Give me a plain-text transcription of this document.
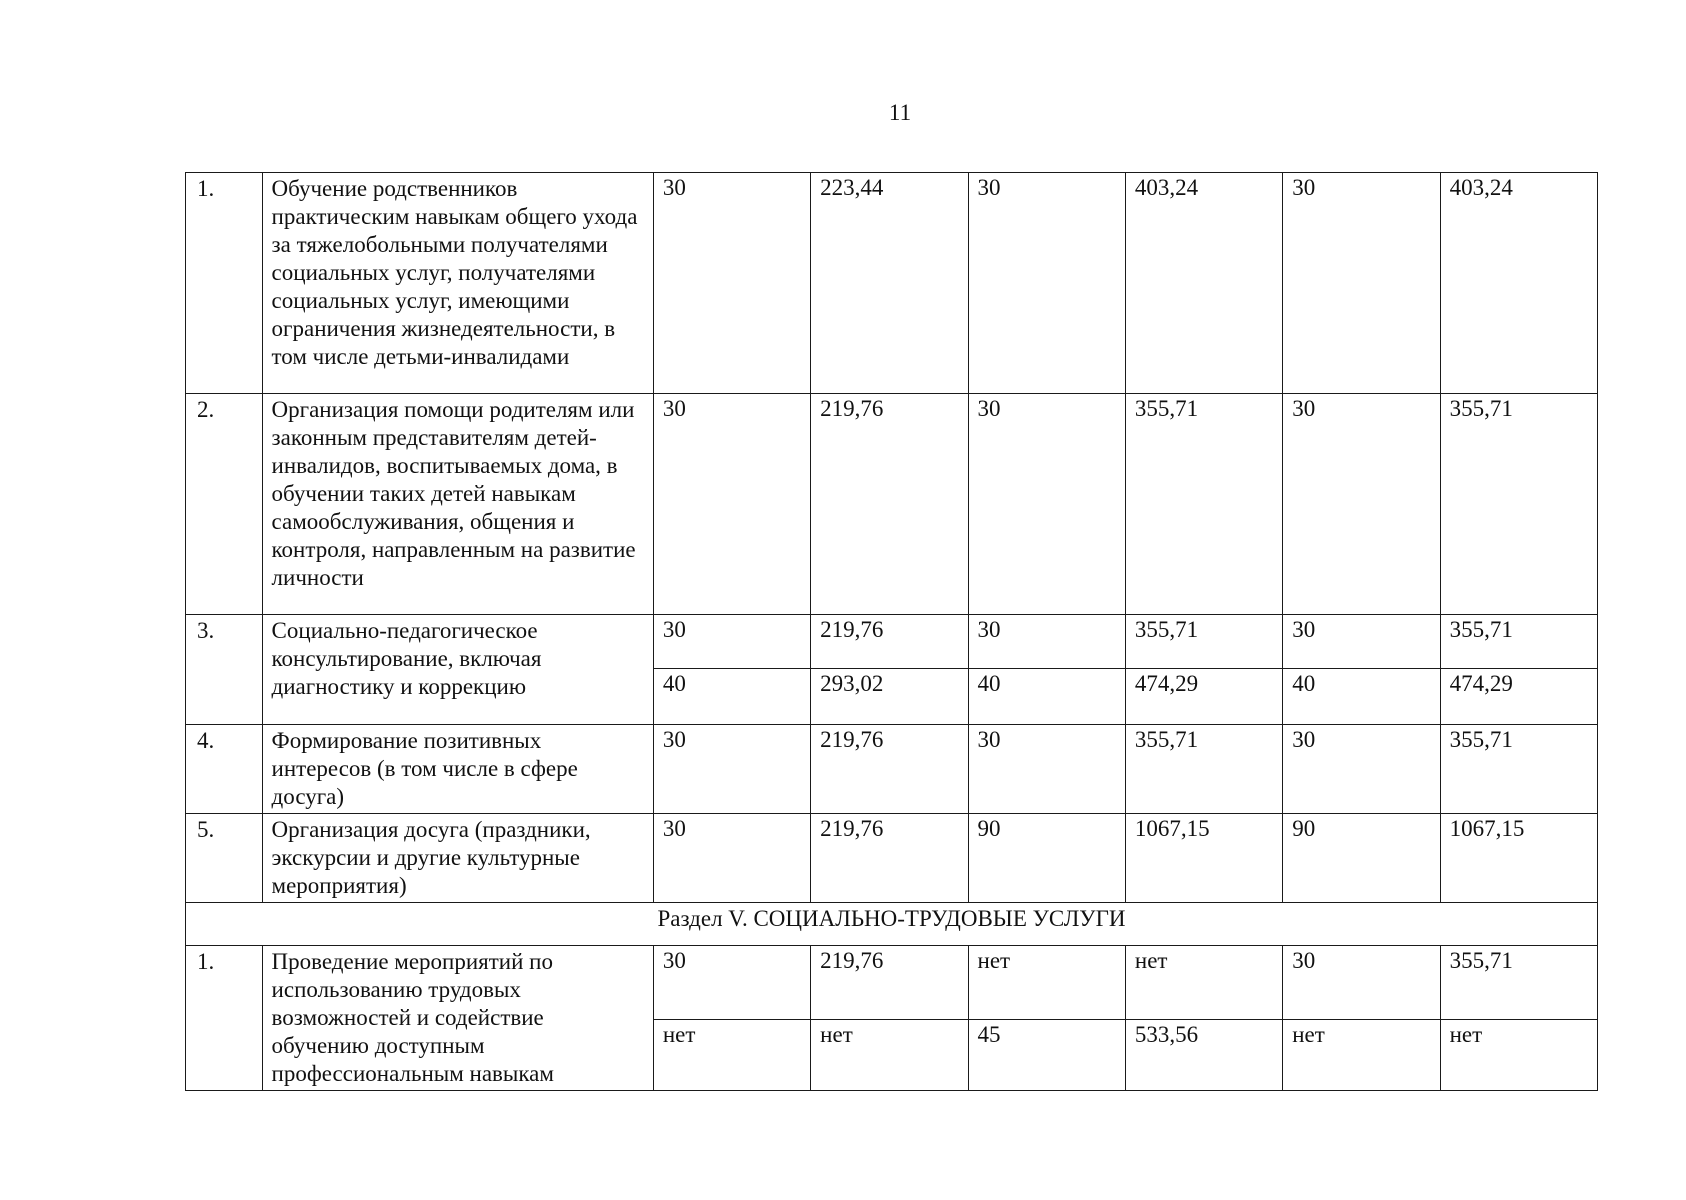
11
1.	Обучение родственников практическим навыкам общего ухода за тяжелобольными получателями социальных услуг, получателями социальных услуг, имеющими ограничения жизнедеятельности, в том числе детьми-инвалидами	30	223,44	30	403,24	30	403,24
2.	Организация помощи родителям или законным представителям детей-инвалидов, воспитываемых дома, в обучении таких детей навыкам самообслуживания, общения и контроля, направленным на развитие личности	30	219,76	30	355,71	30	355,71
3.	Социально-педагогическое консультирование, включая диагностику и коррекцию	30	219,76	30	355,71	30	355,71
		40	293,02	40	474,29	40	474,29
4.	Формирование позитивных интересов (в том числе в сфере досуга)	30	219,76	30	355,71	30	355,71
5.	Организация досуга (праздники, экскурсии и другие культурные мероприятия)	30	219,76	90	1067,15	90	1067,15
Раздел V. СОЦИАЛЬНО-ТРУДОВЫЕ УСЛУГИ							
1.	Проведение мероприятий по использованию трудовых возможностей и содействие обучению доступным профессиональным навыкам	30	219,76	нет	нет	30	355,71
		нет	нет	45	533,56	нет	нет
